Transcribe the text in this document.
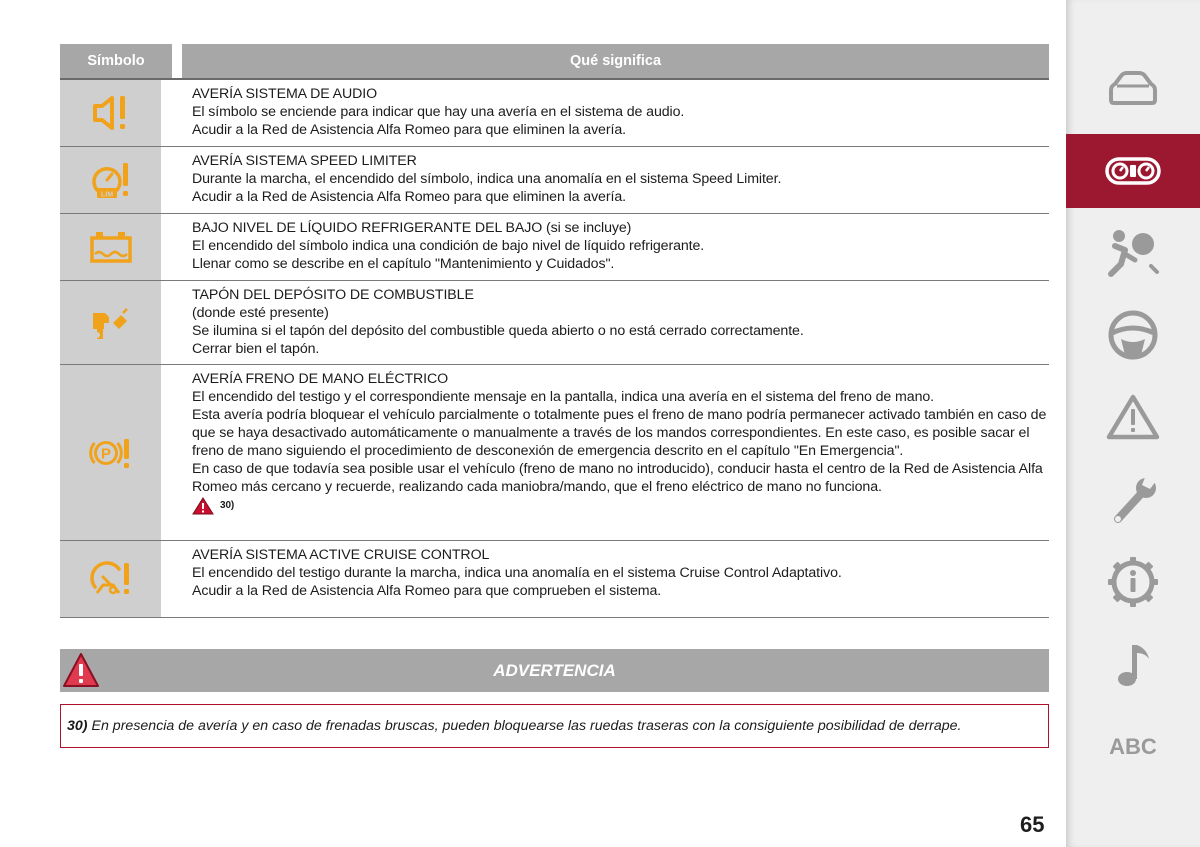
Símbolo	Qué significa

AVERÍA SISTEMA DE AUDIO

El símbolo se enciende para indicar que hay una avería en el sistema de audio.

Acudir a la Red de Asistencia Alfa Romeo para que eliminen la avería.

LIM

AVERÍA SISTEMA SPEED LIMITER

Durante la marcha, el encendido del símbolo, indica una anomalía en el sistema Speed Limiter.

Acudir a la Red de Asistencia Alfa Romeo para que eliminen la avería.

BAJO NIVEL DE LÍQUIDO REFRIGERANTE DEL BAJO (si se incluye)

El encendido del símbolo indica una condición de bajo nivel de líquido refrigerante.

Llenar como se describe en el capítulo "Mantenimiento y Cuidados".

TAPÓN DEL DEPÓSITO DE COMBUSTIBLE

(donde esté presente)

Se ilumina si el tapón del depósito del combustible queda abierto o no está cerrado correctamente.

Cerrar bien el tapón.

P

AVERÍA FRENO DE MANO ELÉCTRICO

El encendido del testigo y el correspondiente mensaje en la pantalla, indica una avería en el sistema del freno de mano.

Esta avería podría bloquear el vehículo parcialmente o totalmente pues el freno de mano podría permanecer activado también en caso de que se haya desactivado automáticamente o manualmente a través de los mandos correspondientes. En este caso, es posible sacar el freno de mano siguiendo el procedimiento de desconexión de emergencia descrito en el capítulo "En Emergencia".

En caso de que todavía sea posible usar el vehículo (freno de mano no introducido), conducir hasta el centro de la Red de Asistencia Alfa Romeo más cercano y recuerde, realizando cada maniobra/mando, que el freno eléctrico de mano no funciona.

30)

AVERÍA SISTEMA ACTIVE CRUISE CONTROL

El encendido del testigo durante la marcha, indica una anomalía en el sistema Cruise Control Adaptativo.

Acudir a la Red de Asistencia Alfa Romeo para que comprueben el sistema.

ADVERTENCIA
30) En presencia de avería y en caso de frenadas bruscas, pueden bloquearse las ruedas traseras con la consiguiente posibilidad de derrape.
65
ABC
